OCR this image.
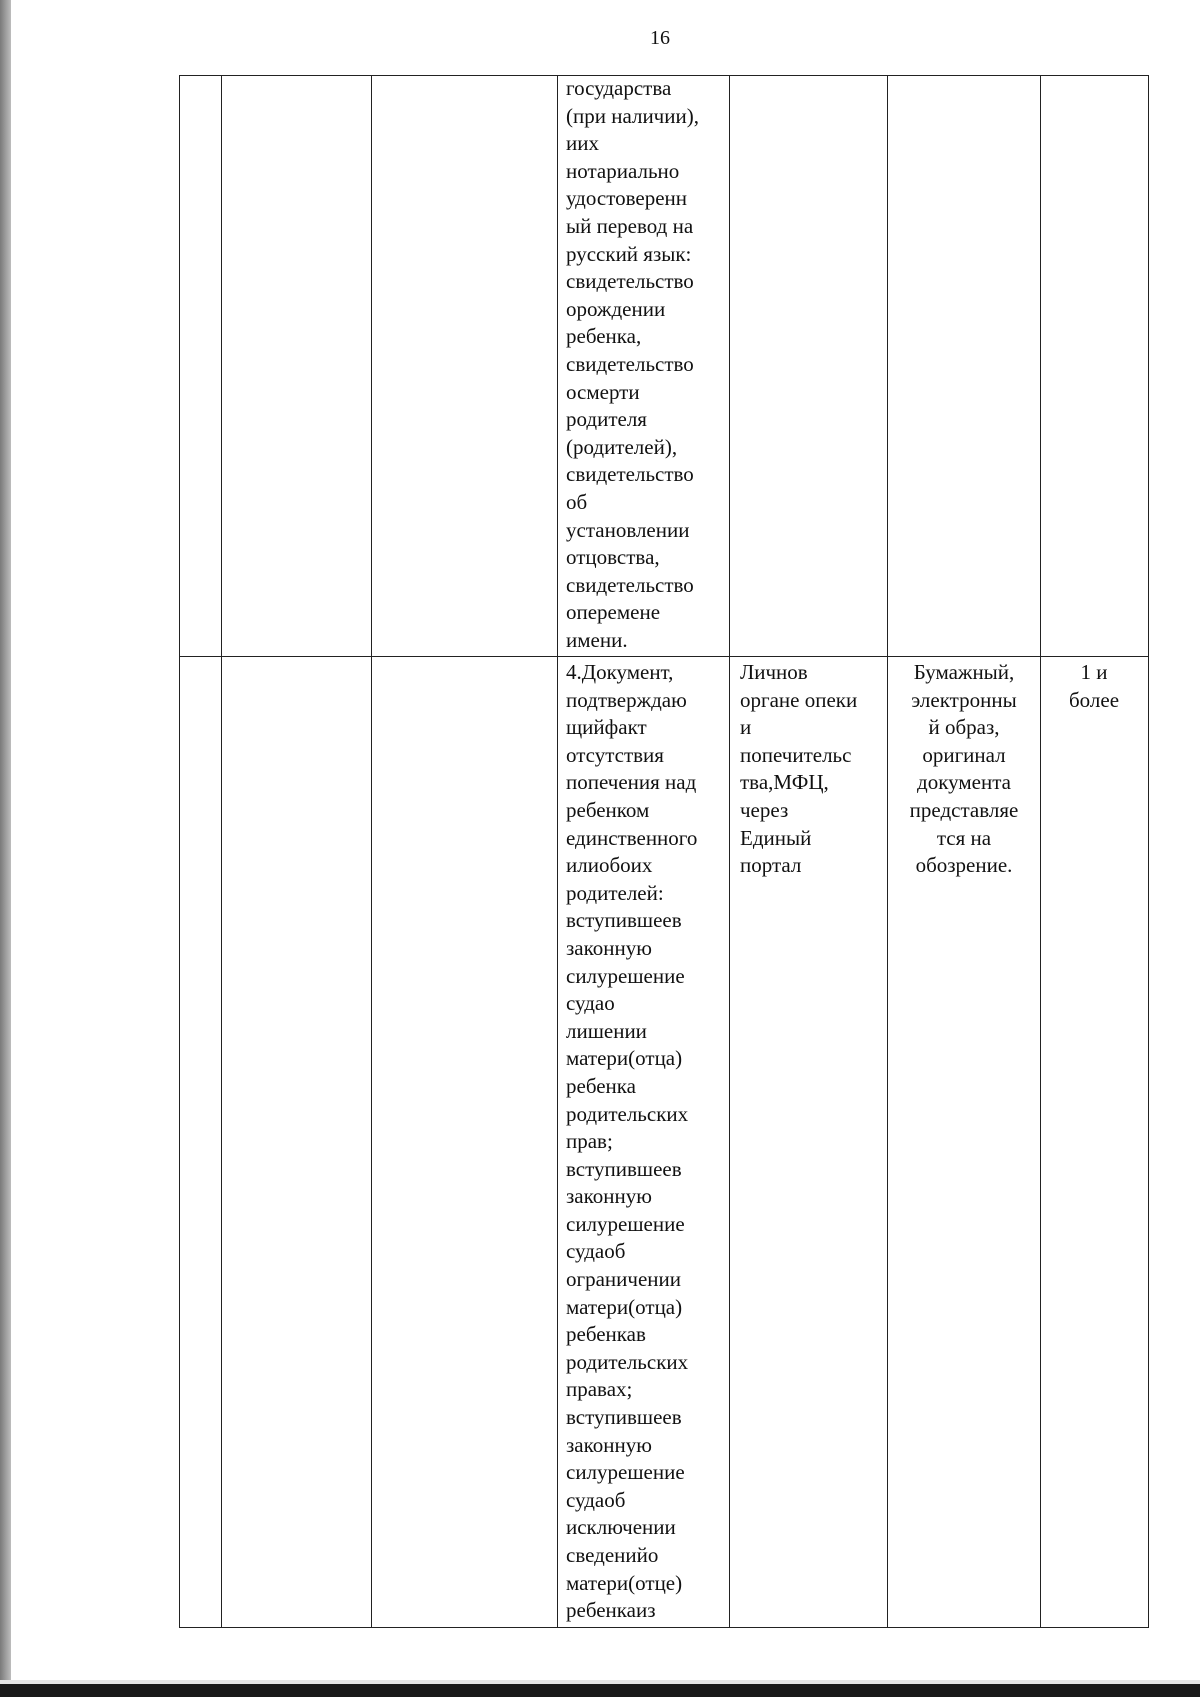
16
государства
(при наличии),
иих
нотариально
удостоверенн
ый перевод на
русский язык:
свидетельство
орождении
ребенка,
свидетельство
осмерти
родителя
(родителей),
свидетельство
об
установлении
отцовства,
свидетельство
оперемене
имени.
4.Документ,
подтверждаю
щийфакт
отсутствия
попечения над
ребенком
единственного
илиобоих
родителей:
вступившеев
законную
силурешение
судао
лишении
матери(отца)
ребенка
родительских
прав;
вступившеев
законную
силурешение
судаоб
ограничении
матери(отца)
ребенкав
родительских
правах;
вступившеев
законную
силурешение
судаоб
исключении
сведенийо
матери(отце)
ребенкаиз
Личнов
органе опеки
и
попечительс
тва,МФЦ,
через
Единый
портал
Бумажный,
электронны
й образ,
оригинал
документа
представляе
тся на
обозрение.
1 и
более
